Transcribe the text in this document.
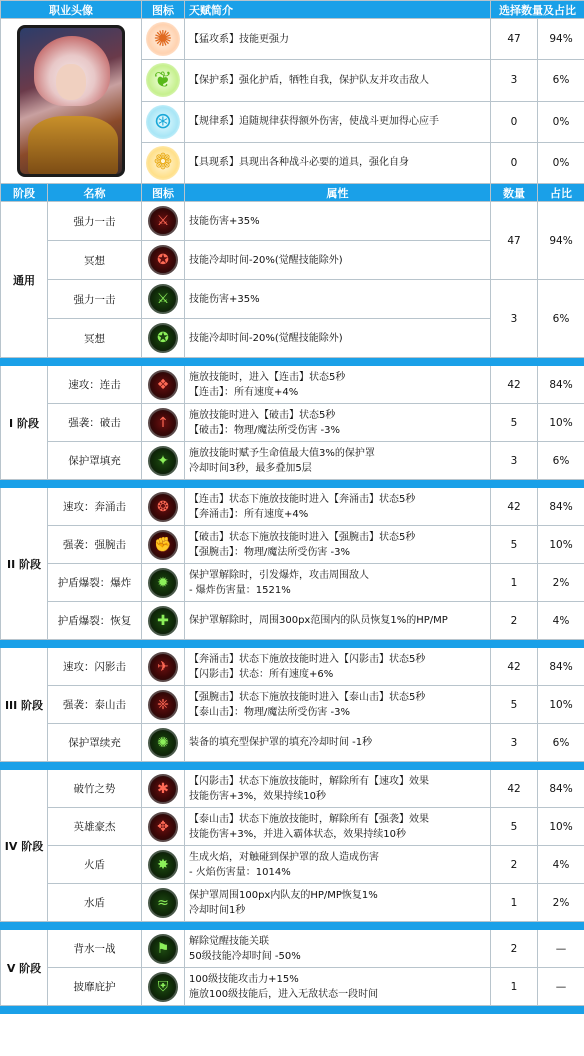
职业头像		图标	天赋简介	选择数量及占比	

✺	【猛攻系】技能更强力	47	94%

❦	【保护系】强化护盾，牺牲自我，保护队友并攻击敌人	3	6%

⊛	【规律系】追随规律获得额外伤害，使战斗更加得心应手	0	0%

❁	【具现系】具现出各种战斗必要的道具，强化自身	0	0%
阶段	名称	图标	属性	数量	占比
通用	强力一击	⚔	技能伤害+35%	47	94%
	冥想	✪	技能冷却时间-20%(觉醒技能除外)		

	强力一击	⚔	技能伤害+35%	3	6%
	冥想	✪	技能冷却时间-20%(觉醒技能除外)		

I 阶段	速攻：连击	❖	施放技能时，进入【连击】状态5秒
【连击】：所有速度+4%	42	84%
	强袭：破击	↑	施放技能时进入【破击】状态5秒
【破击】：物理/魔法所受伤害 -3%	5	10%
	保护罩填充	✦	施放技能时赋予生命值最大值3%的保护罩
冷却时间3秒，最多叠加5层	3	6%

II 阶段	速攻：奔涌击	❂	【连击】状态下施放技能时进入【奔涌击】状态5秒
【奔涌击】：所有速度+4%	42	84%
	强袭：强腕击	✊	【破击】状态下施放技能时进入【强腕击】状态5秒
【强腕击】：物理/魔法所受伤害 -3%	5	10%
	护盾爆裂：爆炸	✹	保护罩解除时，引发爆炸，攻击周围敌人
- 爆炸伤害量：1521%	1	2%
	护盾爆裂：恢复	✚	保护罩解除时，周围300px范围内的队员恢复1%的HP/MP	2	4%

III 阶段	速攻：闪影击	✈	【奔涌击】状态下施放技能时进入【闪影击】状态5秒
【闪影击】状态：所有速度+6%	42	84%
	强袭：泰山击	❈	【强腕击】状态下施放技能时进入【泰山击】状态5秒
【泰山击】：物理/魔法所受伤害 -3%	5	10%
	保护罩续充	✺	装备的填充型保护罩的填充冷却时间 -1秒	3	6%

IV 阶段	破竹之势	✱	【闪影击】状态下施放技能时，解除所有【速攻】效果
技能伤害+3%，效果持续10秒	42	84%
	英雄豪杰	✥	【泰山击】状态下施放技能时，解除所有【强袭】效果
技能伤害+3%，并进入霸体状态，效果持续10秒	5	10%
	火盾	✸	生成火焰，对触碰到保护罩的敌人造成伤害
- 火焰伤害量：1014%	2	4%
	水盾	≈	保护罩周围100px内队友的HP/MP恢复1%
冷却时间1秒	1	2%

V 阶段	背水一战	⚑	解除觉醒技能关联
50级技能冷却时间 -50%	2	—
	披靡庇护	⛨	100级技能攻击力+15%
施放100级技能后，进入无敌状态一段时间	1	—
